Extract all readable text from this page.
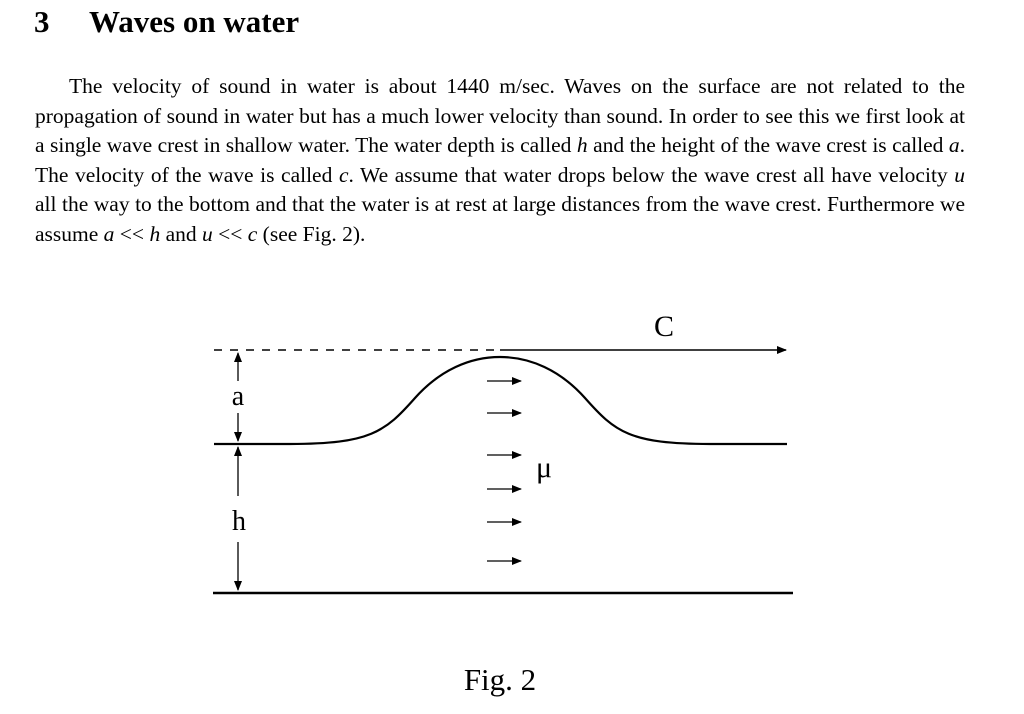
3 Waves on water

The velocity of sound in water is about 1440 m/sec. Waves on the surface are not related to the propagation of sound in water but has a much lower velocity than sound. In order to see this we first look at a single wave crest in shallow water. The water depth is called h and the height of the wave crest is called a. The velocity of the wave is called c. We assume that water drops below the wave crest all have velocity u all the way to the bottom and that the water is at rest at large distances from the wave crest. Furthermore we assume a << h and u << c (see Fig. 2).

C
a
h
μ
Fig. 2
